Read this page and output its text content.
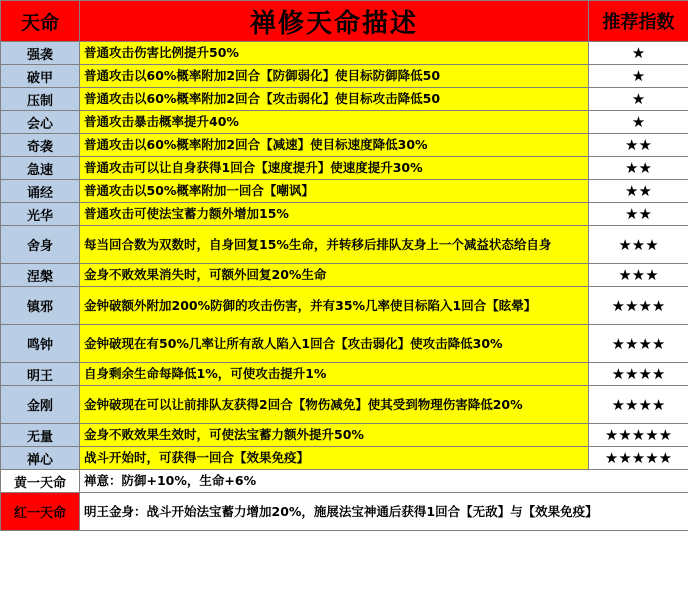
天命	禅修天命描述	推荐指数
强袭	普通攻击伤害比例提升50%	★
破甲	普通攻击以60%概率附加2回合【防御弱化】使目标防御降低50	★
压制	普通攻击以60%概率附加2回合【攻击弱化】使目标攻击降低50	★
会心	普通攻击暴击概率提升40%	★
奇袭	普通攻击以60%概率附加2回合【减速】使目标速度降低30%	★★
急速	普通攻击可以让自身获得1回合【速度提升】使速度提升30%	★★
诵经	普通攻击以50%概率附加一回合【嘲讽】	★★
光华	普通攻击可使法宝蓄力额外增加15%	★★
舍身	每当回合数为双数时，自身回复15%生命，并转移后排队友身上一个减益状态给自身	★★★
涅槃	金身不败效果消失时，可额外回复20%生命	★★★
镇邪	金钟破额外附加200%防御的攻击伤害，并有35%几率使目标陷入1回合【眩晕】	★★★★
鸣钟	金钟破现在有50%几率让所有敌人陷入1回合【攻击弱化】使攻击降低30%	★★★★
明王	自身剩余生命每降低1%，可使攻击提升1%	★★★★
金刚	金钟破现在可以让前排队友获得2回合【物伤减免】使其受到物理伤害降低20%	★★★★
无量	金身不败效果生效时，可使法宝蓄力额外提升50%	★★★★★
禅心	战斗开始时，可获得一回合【效果免疫】	★★★★★
黄一天命	禅意：防御+10%，生命+6%	
红一天命	明王金身：战斗开始法宝蓄力增加20%，施展法宝神通后获得1回合【无敌】与【效果免疫】	
